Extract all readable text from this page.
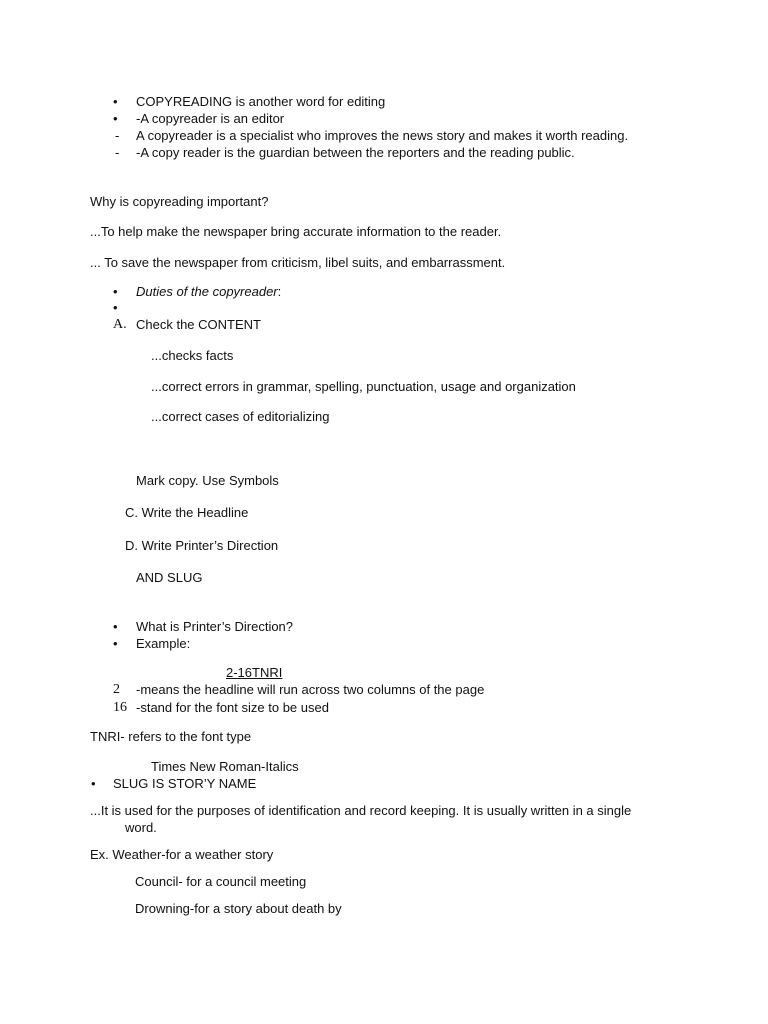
• COPYREADING is another word for editing
• -A copyreader is an editor
- A copyreader is a specialist who improves the news story and makes it worth reading.
- -A copy reader is the guardian between the reporters and the reading public.
Why is copyreading important?
...To help make the newspaper bring accurate information to the reader.
... To save the newspaper from criticism, libel suits, and embarrassment.
• Duties of the copyreader:
•
A. Check the CONTENT
...checks facts
...correct errors in grammar, spelling, punctuation, usage and organization
...correct cases of editorializing
Mark copy. Use Symbols
C. Write the Headline
D. Write Printer’s Direction
AND SLUG
• What is Printer’s Direction?
• Example:
2-16TNRI
2 -means the headline will run across two columns of the page
16 -stand for the font size to be used
TNRI- refers to the font type
Times New Roman-Italics
• SLUG IS STOR’Y NAME
...It is used for the purposes of identification and record keeping. It is usually written in a single
word.
Ex. Weather-for a weather story
Council- for a council meeting
Drowning-for a story about death by
